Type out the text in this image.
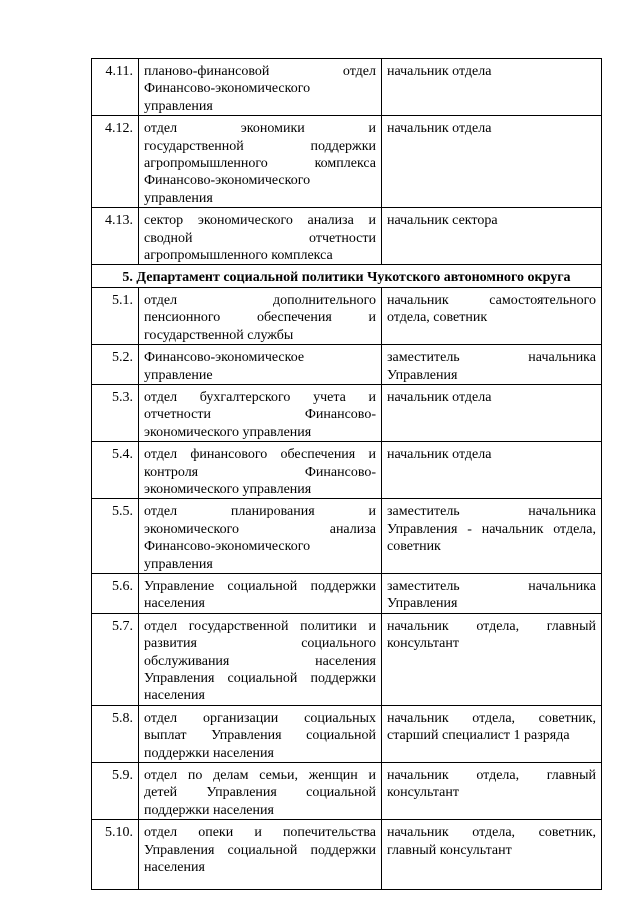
4.11.	планово-финансовой отдел
Финансово-экономического
управления	начальник отдела

4.12.	отдел экономики и
государственной поддержки
агропромышленного комплекса
Финансово-экономического
управления	начальник отдела

4.13.	сектор экономического анализа и
сводной отчетности
агропромышленного комплекса	начальник сектора

5. Департамент социальной политики Чукотского автономного округа		
5.1.	отдел дополнительного
пенсионного обеспечения и
государственной службы	начальник самостоятельного
отдела, советник

5.2.	Финансово-экономическое
управление	заместитель начальника
Управления

5.3.	отдел бухгалтерского учета и
отчетности Финансово-
экономического управления	начальник отдела

5.4.	отдел финансового обеспечения и
контроля Финансово-
экономического управления	начальник отдела

5.5.	отдел планирования и
экономического анализа
Финансово-экономического
управления	заместитель начальника
Управления - начальник отдела,
советник

5.6.	Управление социальной поддержки
населения	заместитель начальника
Управления

5.7.	отдел государственной политики и
развития социального
обслуживания населения
Управления социальной поддержки
населения	начальник отдела, главный
консультант

5.8.	отдел организации социальных
выплат Управления социальной
поддержки населения	начальник отдела, советник,
старший специалист 1 разряда

5.9.	отдел по делам семьи, женщин и
детей Управления социальной
поддержки населения	начальник отдела, главный
консультант

5.10.	отдел опеки и попечительства
Управления социальной поддержки
населения	начальник отдела, советник,
главный консультант
